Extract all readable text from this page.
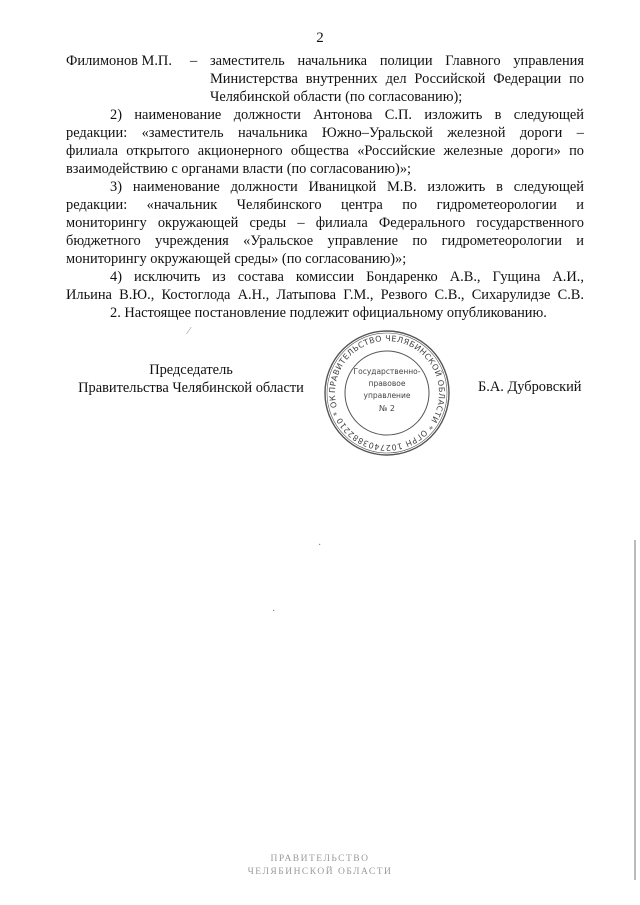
2
Филимонов М.П. – заместитель начальника полиции Главного управления
Министерства внутренних дел Российской Федерации по
Челябинской области (по согласованию);
2) наименование должности Антонова С.П. изложить в следующей
редакции: «заместитель начальника Южно–Уральской железной дороги –
филиала открытого акционерного общества «Российские железные дороги» по
взаимодействию с органами власти (по согласованию)»;
3) наименование должности Иваницкой М.В. изложить в следующей
редакции: «начальник Челябинского центра по гидрометеорологии и
мониторингу окружающей среды – филиала Федерального государственного
бюджетного учреждения «Уральское управление по гидрометеорологии и
мониторингу окружающей среды» (по согласованию)»;
4) исключить из состава комиссии Бондаренко А.В., Гущина А.И.,
Ильина В.Ю., Костоглода А.Н., Латыпова Г.М., Резвого С.В., Сихарулидзе С.В.
2. Настоящее постановление подлежит официальному опубликованию.
⁄
·
·
Председатель
Правительства Челябинской области	Б.А. Дубровский
ПРАВИТЕЛЬСТВО ЧЕЛЯБИНСКОЙ ОБЛАСТИ * ОГРН 1027403882210 * ОК
Государственно-
правовое
управление
№ 2
ПРАВИТЕЛЬСТВО
ЧЕЛЯБИНСКОЙ ОБЛАСТИ
